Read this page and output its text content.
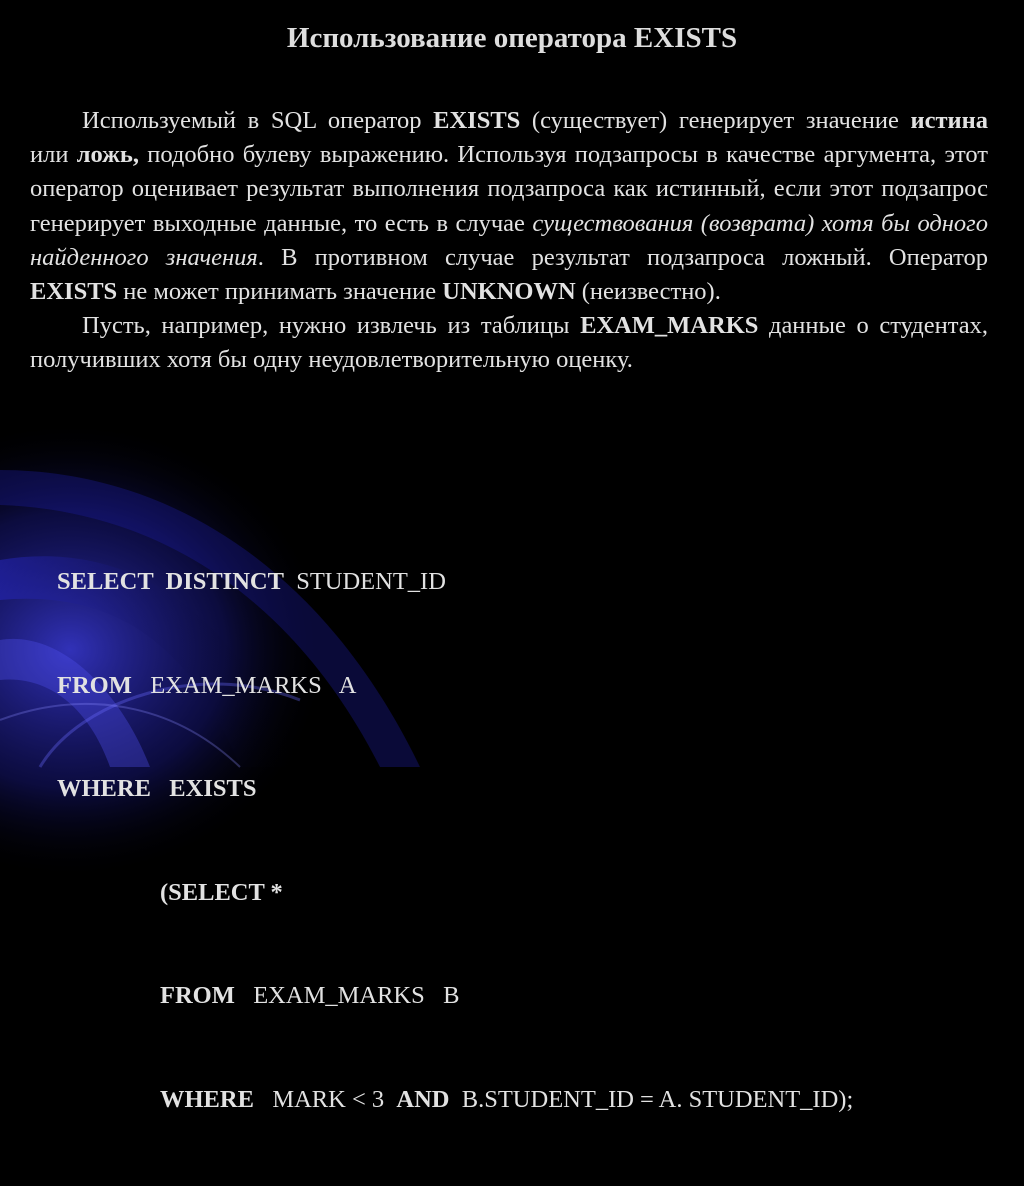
Использование оператора EXISTS

Используемый в SQL оператор EXISTS (существует) генерирует значение истина или ложь, подобно булеву выражению. Используя подзапросы в качестве аргумента, этот оператор оценивает результат выполнения подзапроса как истинный, если этот подзапрос генерирует выходные данные, то есть в случае существования (возврата) хотя бы одного найденного значения. В противном случае результат подзапроса ложный. Оператор EXISTS не может принимать значение UNKNOWN (неизвестно).

Пусть, например, нужно извлечь из таблицы EXAM_MARKS данные о студентах, получивших хотя бы одну неудовлетворительную оценку.

SELECT  DISTINCT  STUDENT_ID

FROM   EXAM_MARKS   A

WHERE   EXISTS

(SELECT *

FROM   EXAM_MARKS   B

WHERE   MARK < 3  AND  B.STUDENT_ID = A. STUDENT_ID);
